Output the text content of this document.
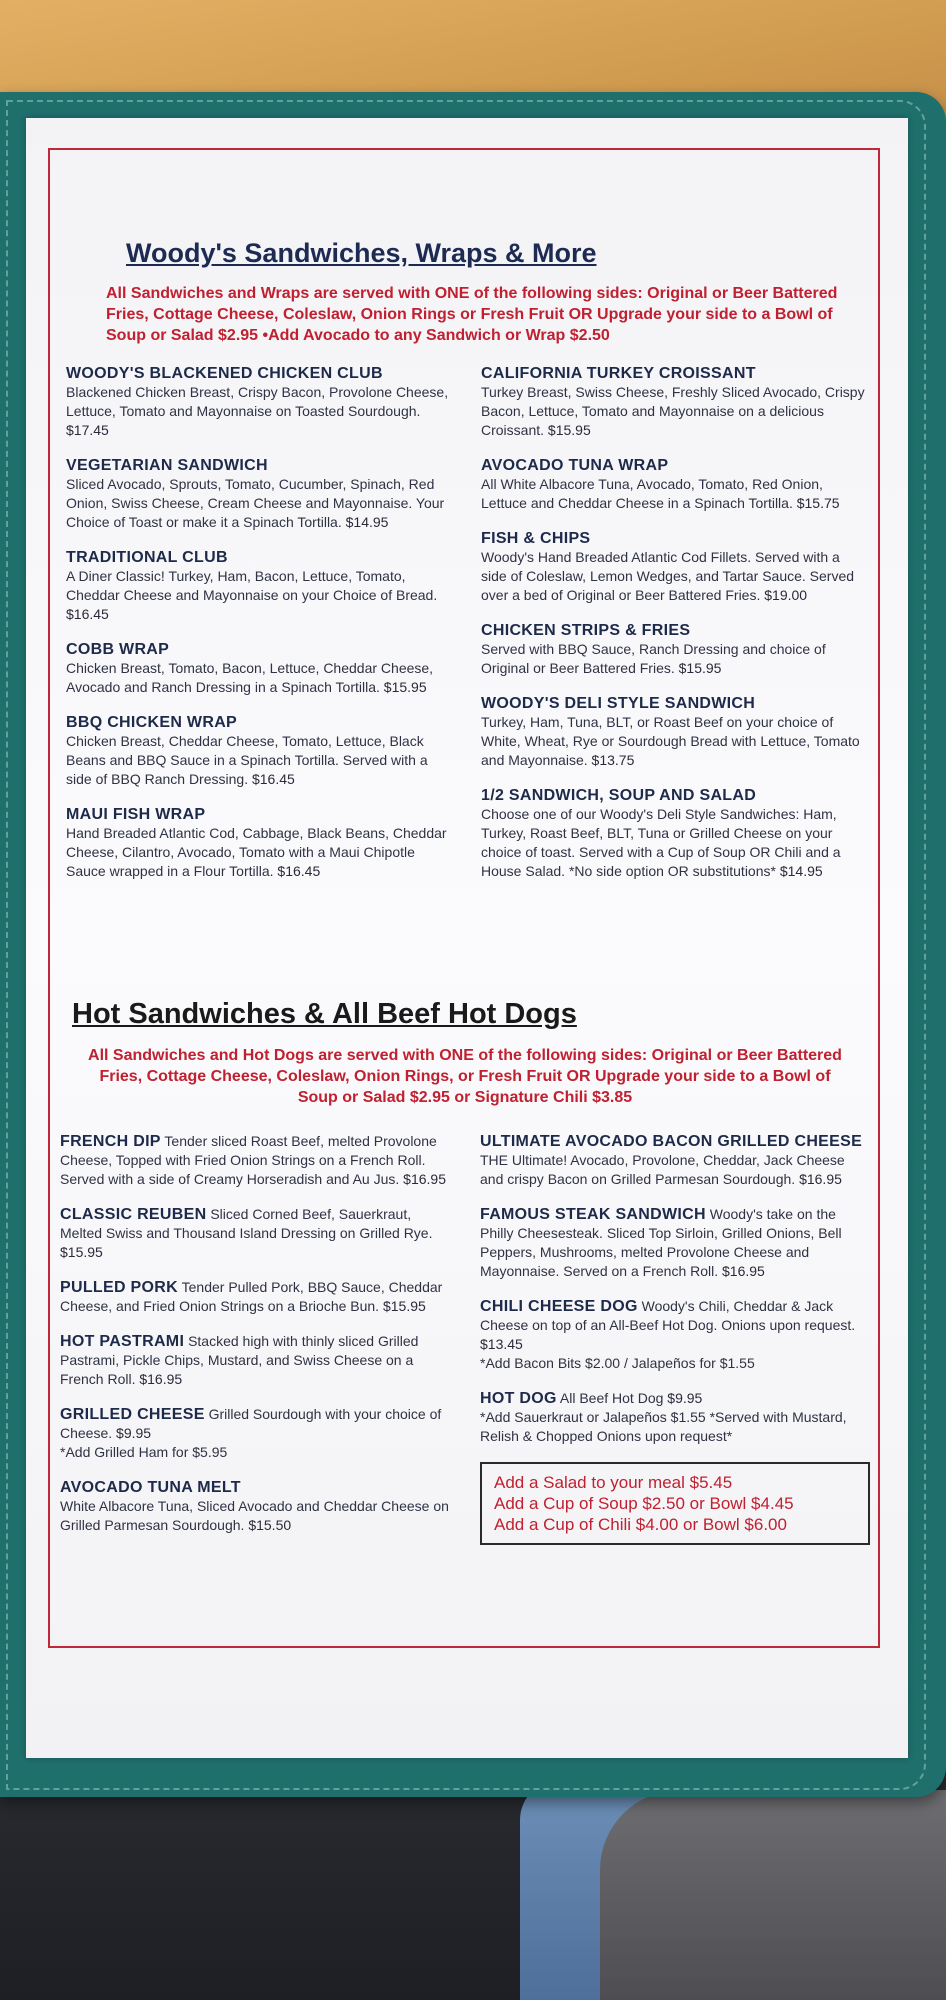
Woody's Sandwiches, Wraps & More

All Sandwiches and Wraps are served with ONE of the following sides: Original or Beer Battered Fries, Cottage Cheese, Coleslaw, Onion Rings or Fresh Fruit OR Upgrade your side to a Bowl of Soup or Salad $2.95 •Add Avocado to any Sandwich or Wrap $2.50

WOODY'S BLACKENED CHICKEN CLUB
Blackened Chicken Breast, Crispy Bacon, Provolone Cheese, Lettuce, Tomato and Mayonnaise on Toasted Sourdough. $17.45
VEGETARIAN SANDWICH
Sliced Avocado, Sprouts, Tomato, Cucumber, Spinach, Red Onion, Swiss Cheese, Cream Cheese and Mayonnaise. Your Choice of Toast or make it a Spinach Tortilla. $14.95
TRADITIONAL CLUB
A Diner Classic! Turkey, Ham, Bacon, Lettuce, Tomato, Cheddar Cheese and Mayonnaise on your Choice of Bread. $16.45
COBB WRAP
Chicken Breast, Tomato, Bacon, Lettuce, Cheddar Cheese, Avocado and Ranch Dressing in a Spinach Tortilla. $15.95
BBQ CHICKEN WRAP
Chicken Breast, Cheddar Cheese, Tomato, Lettuce, Black Beans and BBQ Sauce in a Spinach Tortilla. Served with a side of BBQ Ranch Dressing. $16.45
MAUI FISH WRAP
Hand Breaded Atlantic Cod, Cabbage, Black Beans, Cheddar Cheese, Cilantro, Avocado, Tomato with a Maui Chipotle Sauce wrapped in a Flour Tortilla. $16.45
CALIFORNIA TURKEY CROISSANT
Turkey Breast, Swiss Cheese, Freshly Sliced Avocado, Crispy Bacon, Lettuce, Tomato and Mayonnaise on a delicious Croissant. $15.95
AVOCADO TUNA WRAP
All White Albacore Tuna, Avocado, Tomato, Red Onion, Lettuce and Cheddar Cheese in a Spinach Tortilla. $15.75
FISH & CHIPS
Woody's Hand Breaded Atlantic Cod Fillets. Served with a side of Coleslaw, Lemon Wedges, and Tartar Sauce. Served over a bed of Original or Beer Battered Fries. $19.00
CHICKEN STRIPS & FRIES
Served with BBQ Sauce, Ranch Dressing and choice of Original or Beer Battered Fries. $15.95
WOODY'S DELI STYLE SANDWICH
Turkey, Ham, Tuna, BLT, or Roast Beef on your choice of White, Wheat, Rye or Sourdough Bread with Lettuce, Tomato and Mayonnaise. $13.75
1/2 SANDWICH, SOUP AND SALAD
Choose one of our Woody's Deli Style Sandwiches: Ham, Turkey, Roast Beef, BLT, Tuna or Grilled Cheese on your choice of toast. Served with a Cup of Soup OR Chili and a House Salad. *No side option OR substitutions* $14.95
Hot Sandwiches & All Beef Hot Dogs

All Sandwiches and Hot Dogs are served with ONE of the following sides: Original or Beer Battered Fries, Cottage Cheese, Coleslaw, Onion Rings, or Fresh Fruit OR Upgrade your side to a Bowl of Soup or Salad $2.95 or Signature Chili $3.85

FRENCH DIP Tender sliced Roast Beef, melted Provolone Cheese, Topped with Fried Onion Strings on a French Roll. Served with a side of Creamy Horseradish and Au Jus. $16.95
CLASSIC REUBEN Sliced Corned Beef, Sauerkraut, Melted Swiss and Thousand Island Dressing on Grilled Rye. $15.95
PULLED PORK Tender Pulled Pork, BBQ Sauce, Cheddar Cheese, and Fried Onion Strings on a Brioche Bun. $15.95
HOT PASTRAMI Stacked high with thinly sliced Grilled Pastrami, Pickle Chips, Mustard, and Swiss Cheese on a French Roll. $16.95
GRILLED CHEESE Grilled Sourdough with your choice of Cheese. $9.95
*Add Grilled Ham for $5.95
AVOCADO TUNA MELT
White Albacore Tuna, Sliced Avocado and Cheddar Cheese on Grilled Parmesan Sourdough. $15.50
ULTIMATE AVOCADO BACON GRILLED CHEESE THE Ultimate! Avocado, Provolone, Cheddar, Jack Cheese and crispy Bacon on Grilled Parmesan Sourdough. $16.95
FAMOUS STEAK SANDWICH Woody's take on the Philly Cheesesteak. Sliced Top Sirloin, Grilled Onions, Bell Peppers, Mushrooms, melted Provolone Cheese and Mayonnaise. Served on a French Roll. $16.95
CHILI CHEESE DOG Woody's Chili, Cheddar & Jack Cheese on top of an All-Beef Hot Dog. Onions upon request. $13.45
*Add Bacon Bits $2.00 / Jalapeños for $1.55
HOT DOG All Beef Hot Dog $9.95
*Add Sauerkraut or Jalapeños $1.55 *Served with Mustard, Relish & Chopped Onions upon request*
Add a Salad to your meal $5.45
Add a Cup of Soup $2.50 or Bowl $4.45
Add a Cup of Chili $4.00 or Bowl $6.00
